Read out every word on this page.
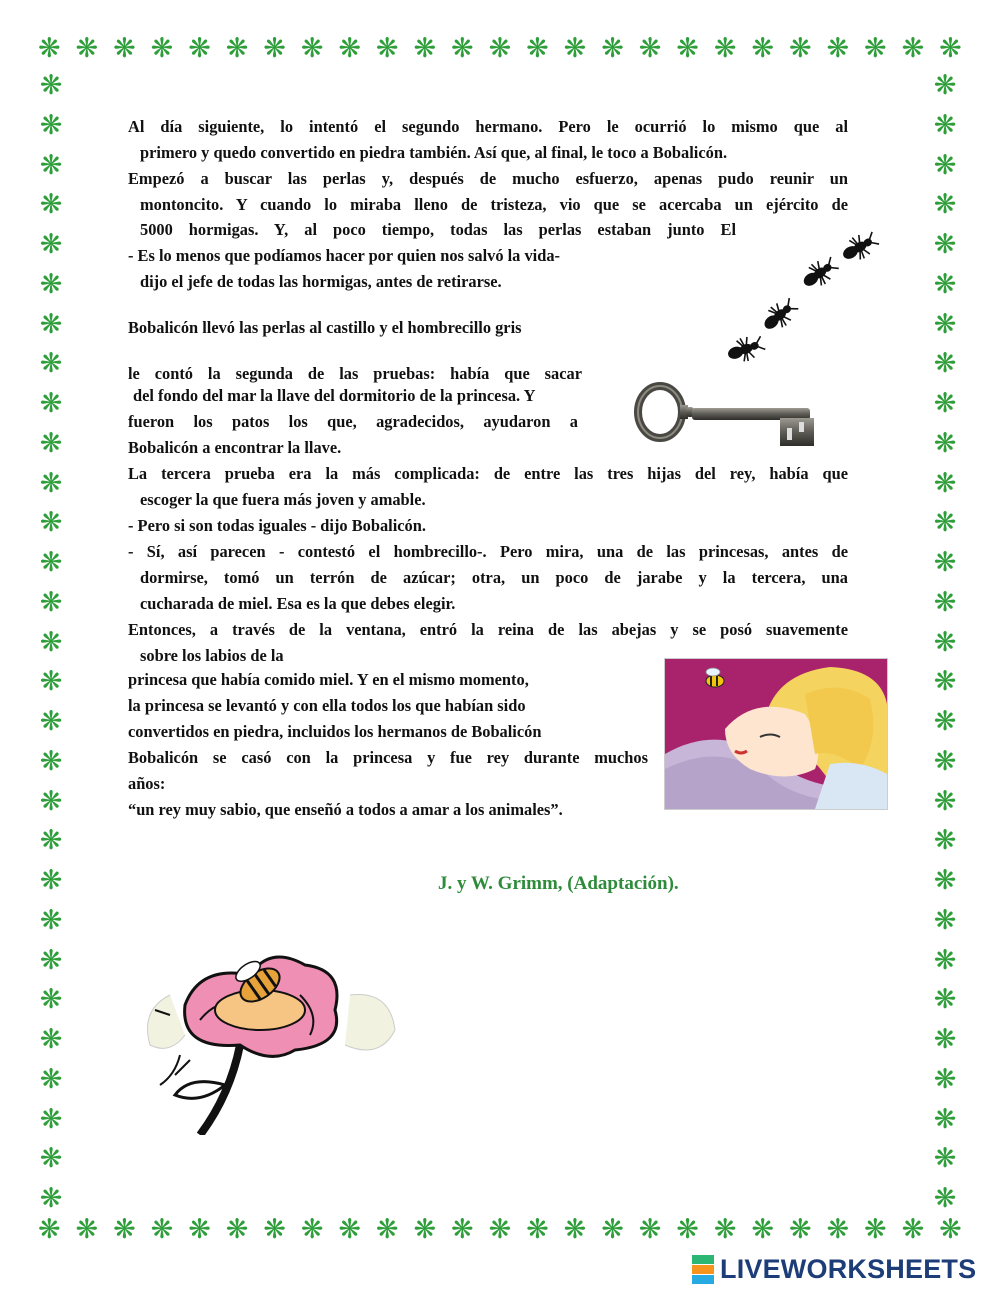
❋ ❋ ❋ ❋ ❋ ❋ ❋ ❋ ❋ ❋ ❋ ❋ ❋ ❋ ❋ ❋ ❋ ❋ ❋ ❋ ❋ ❋ ❋ ❋ ❋
❋ ❋ ❋ ❋ ❋ ❋ ❋ ❋ ❋ ❋ ❋ ❋ ❋ ❋ ❋ ❋ ❋ ❋ ❋ ❋ ❋ ❋ ❋ ❋ ❋
❋
❋
❋
❋
❋
❋
❋
❋
❋
❋
❋
❋
❋
❋
❋
❋
❋
❋
❋
❋
❋
❋
❋
❋
❋
❋
❋
❋
❋
❋
❋
❋
❋
❋
❋
❋
❋
❋
❋
❋
❋
❋
❋
❋
❋
❋
❋
❋
❋
❋
❋
❋
❋
❋
❋
❋
❋
❋
Al día siguiente, lo intentó el segundo hermano. Pero le ocurrió lo mismo que al
primero y quedo convertido en piedra también. Así que, al final, le toco a Bobalicón.
Empezó a buscar las perlas y, después de mucho esfuerzo, apenas pudo reunir un
montoncito. Y cuando lo miraba lleno de tristeza, vio que se acercaba un ejército de
5000 hormigas. Y, al poco tiempo, todas las perlas estaban junto El
- Es lo menos que podíamos hacer por quien nos salvó la vida-
dijo el jefe de todas las hormigas, antes de retirarse.
Bobalicón llevó las perlas al castillo y el hombrecillo gris
le contó la segunda de las pruebas: había que sacar
del fondo del mar la llave del dormitorio de la princesa. Y
fueron los patos los que, agradecidos, ayudaron a
Bobalicón a encontrar la llave.
La tercera prueba era la más complicada: de entre las tres hijas del rey, había que
escoger la que fuera más joven y amable.
- Pero si son todas iguales - dijo Bobalicón.
- Sí, así parecen - contestó el hombrecillo-. Pero mira, una de las princesas, antes de
dormirse, tomó un terrón de azúcar; otra, un poco de jarabe y la tercera, una
cucharada de miel. Esa es la que debes elegir.
Entonces, a través de la ventana, entró la reina de las abejas y se posó suavemente
sobre los labios de la
princesa que había comido miel. Y en el mismo momento,
la princesa se levantó y con ella todos los que habían sido
convertidos en piedra, incluidos los hermanos de Bobalicón
Bobalicón se casó con la princesa y fue rey durante muchos
años:
“un rey muy sabio, que enseñó a todos a amar a los animales”.
J. y W. Grimm, (Adaptación).
LIVEWORKSHEETS
